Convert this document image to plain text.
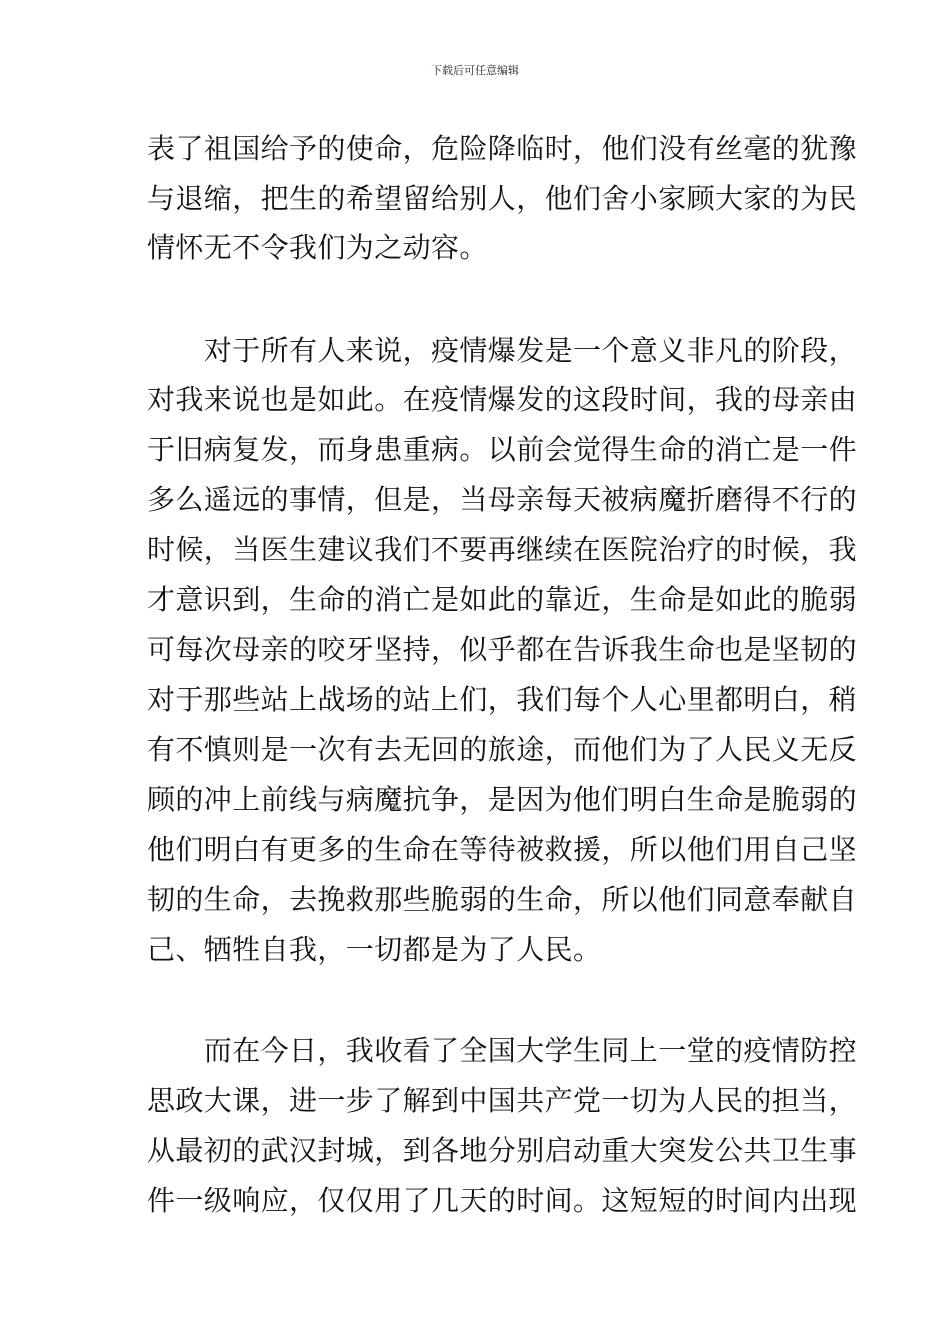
下载后可任意编辑
表了祖国给予的使命，危险降临时，他们没有丝毫的犹豫
与退缩，把生的希望留给别人，他们舍小家顾大家的为民
情怀无不令我们为之动容。
　　对于所有人来说，疫情爆发是一个意义非凡的阶段，
对我来说也是如此。在疫情爆发的这段时间，我的母亲由
于旧病复发，而身患重病。以前会觉得生命的消亡是一件
多么遥远的事情，但是，当母亲每天被病魔折磨得不行的
时候，当医生建议我们不要再继续在医院治疗的时候，我
才意识到，生命的消亡是如此的靠近，生命是如此的脆弱
可每次母亲的咬牙坚持，似乎都在告诉我生命也是坚韧的
对于那些站上战场的站上们，我们每个人心里都明白，稍
有不慎则是一次有去无回的旅途，而他们为了人民义无反
顾的冲上前线与病魔抗争，是因为他们明白生命是脆弱的
他们明白有更多的生命在等待被救援，所以他们用自己坚
韧的生命，去挽救那些脆弱的生命，所以他们同意奉献自
己、牺牲自我，一切都是为了人民。
　　而在今日，我收看了全国大学生同上一堂的疫情防控
思政大课，进一步了解到中国共产党一切为人民的担当，
从最初的武汉封城，到各地分别启动重大突发公共卫生事
件一级响应，仅仅用了几天的时间。这短短的时间内出现
